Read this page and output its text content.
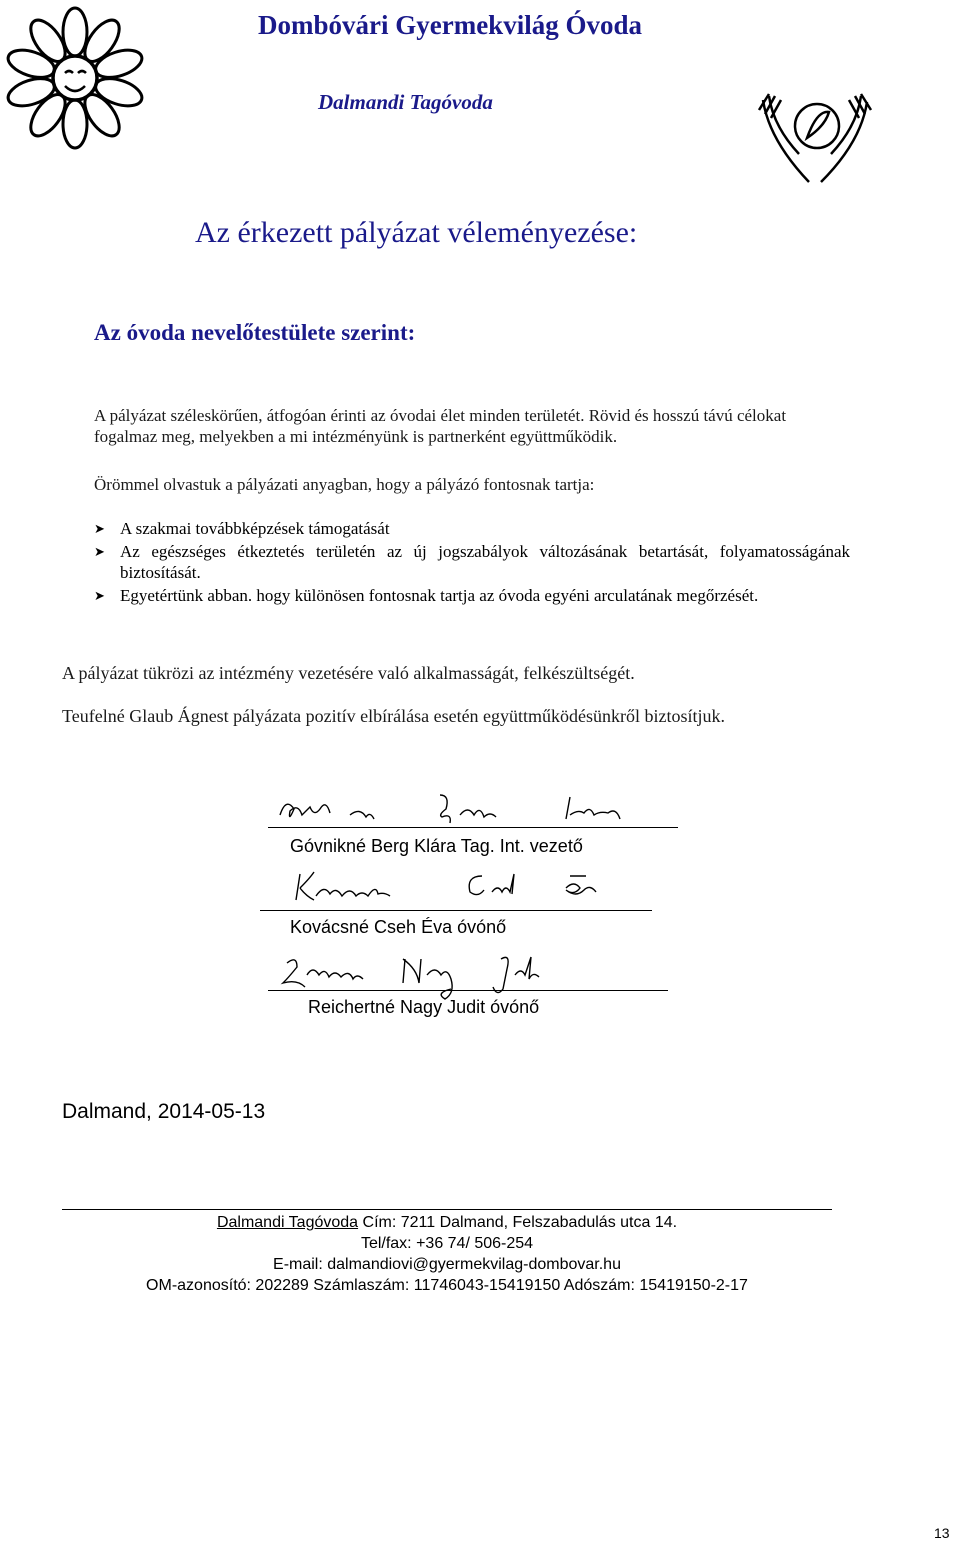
Dombóvári Gyermekvilág Óvoda
Dalmandi Tagóvoda
Az érkezett pályázat véleményezése:
Az óvoda nevelőtestülete szerint:

A pályázat széleskörűen, átfogóan érinti az óvodai élet minden területét. Rövid és hosszú távú célokat fogalmaz meg, melyekben a mi intézményünk is partnerként együttműködik.

Örömmel olvastuk a pályázati anyagban, hogy a pályázó fontosnak tartja:

➤ A szakmai továbbképzések támogatását
➤ Az egészséges étkeztetés területén az új jogszabályok változásának betartását, folyamatosságának biztosítását.
➤ Egyetértünk abban. hogy különösen fontosnak tartja az óvoda egyéni arculatának megőrzését.

A pályázat tükrözi az intézmény vezetésére való alkalmasságát, felkészültségét.

Teufelné Glaub Ágnest pályázata pozitív elbírálása esetén együttműködésünkről biztosítjuk.

Góvnikné Berg Klára Tag. Int. vezető
Kovácsné Cseh Éva óvónő
Reichertné Nagy Judit óvónő
Dalmand, 2014-05-13
Dalmandi Tagóvoda Cím: 7211 Dalmand, Felszabadulás utca 14.
Tel/fax: +36 74/ 506-254
E-mail: dalmandiovi@gyermekvilag-dombovar.hu
OM-azonosító: 202289 Számlaszám: 11746043-15419150 Adószám: 15419150-2-17
13
